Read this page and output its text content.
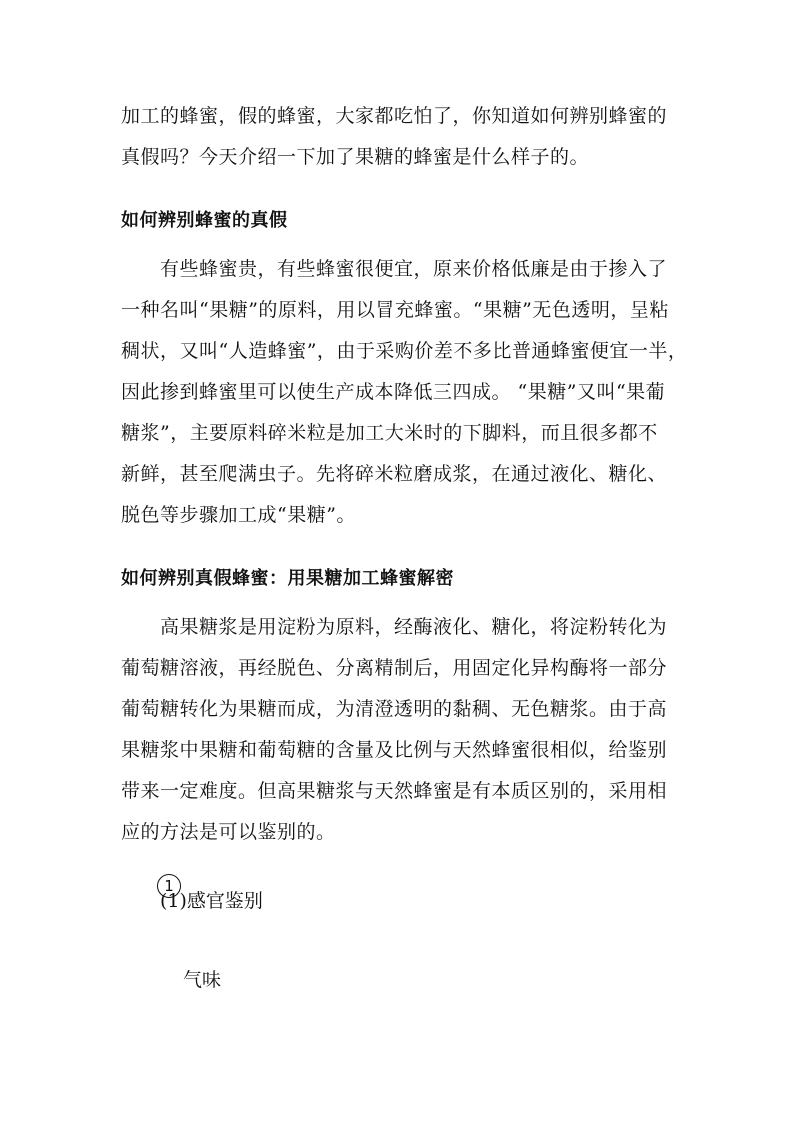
加工的蜂蜜，假的蜂蜜，大家都吃怕了，你知道如何辨别蜂蜜的
真假吗？今天介绍一下加了果糖的蜂蜜是什么样子的。
如何辨别蜂蜜的真假
有些蜂蜜贵，有些蜂蜜很便宜，原来价格低廉是由于掺入了
一种名叫“果糖”的原料，用以冒充蜂蜜。“果糖”无色透明，呈粘
稠状，又叫“人造蜂蜜”，由于采购价差不多比普通蜂蜜便宜一半，
因此掺到蜂蜜里可以使生产成本降低三四成。 “果糖”又叫“果葡
糖浆”，主要原料碎米粒是加工大米时的下脚料，而且很多都不
新鲜，甚至爬满虫子。先将碎米粒磨成浆，在通过液化、糖化、
脱色等步骤加工成“果糖”。
如何辨别真假蜂蜜：用果糖加工蜂蜜解密
高果糖浆是用淀粉为原料，经酶液化、糖化，将淀粉转化为
葡萄糖溶液，再经脱色、分离精制后，用固定化异构酶将一部分
葡萄糖转化为果糖而成，为清澄透明的黏稠、无色糖浆。由于高
果糖浆中果糖和葡萄糖的含量及比例与天然蜂蜜很相似，给鉴别
带来一定难度。但高果糖浆与天然蜂蜜是有本质区别的，采用相
应的方法是可以鉴别的。
1
(1)感官鉴别
气味
